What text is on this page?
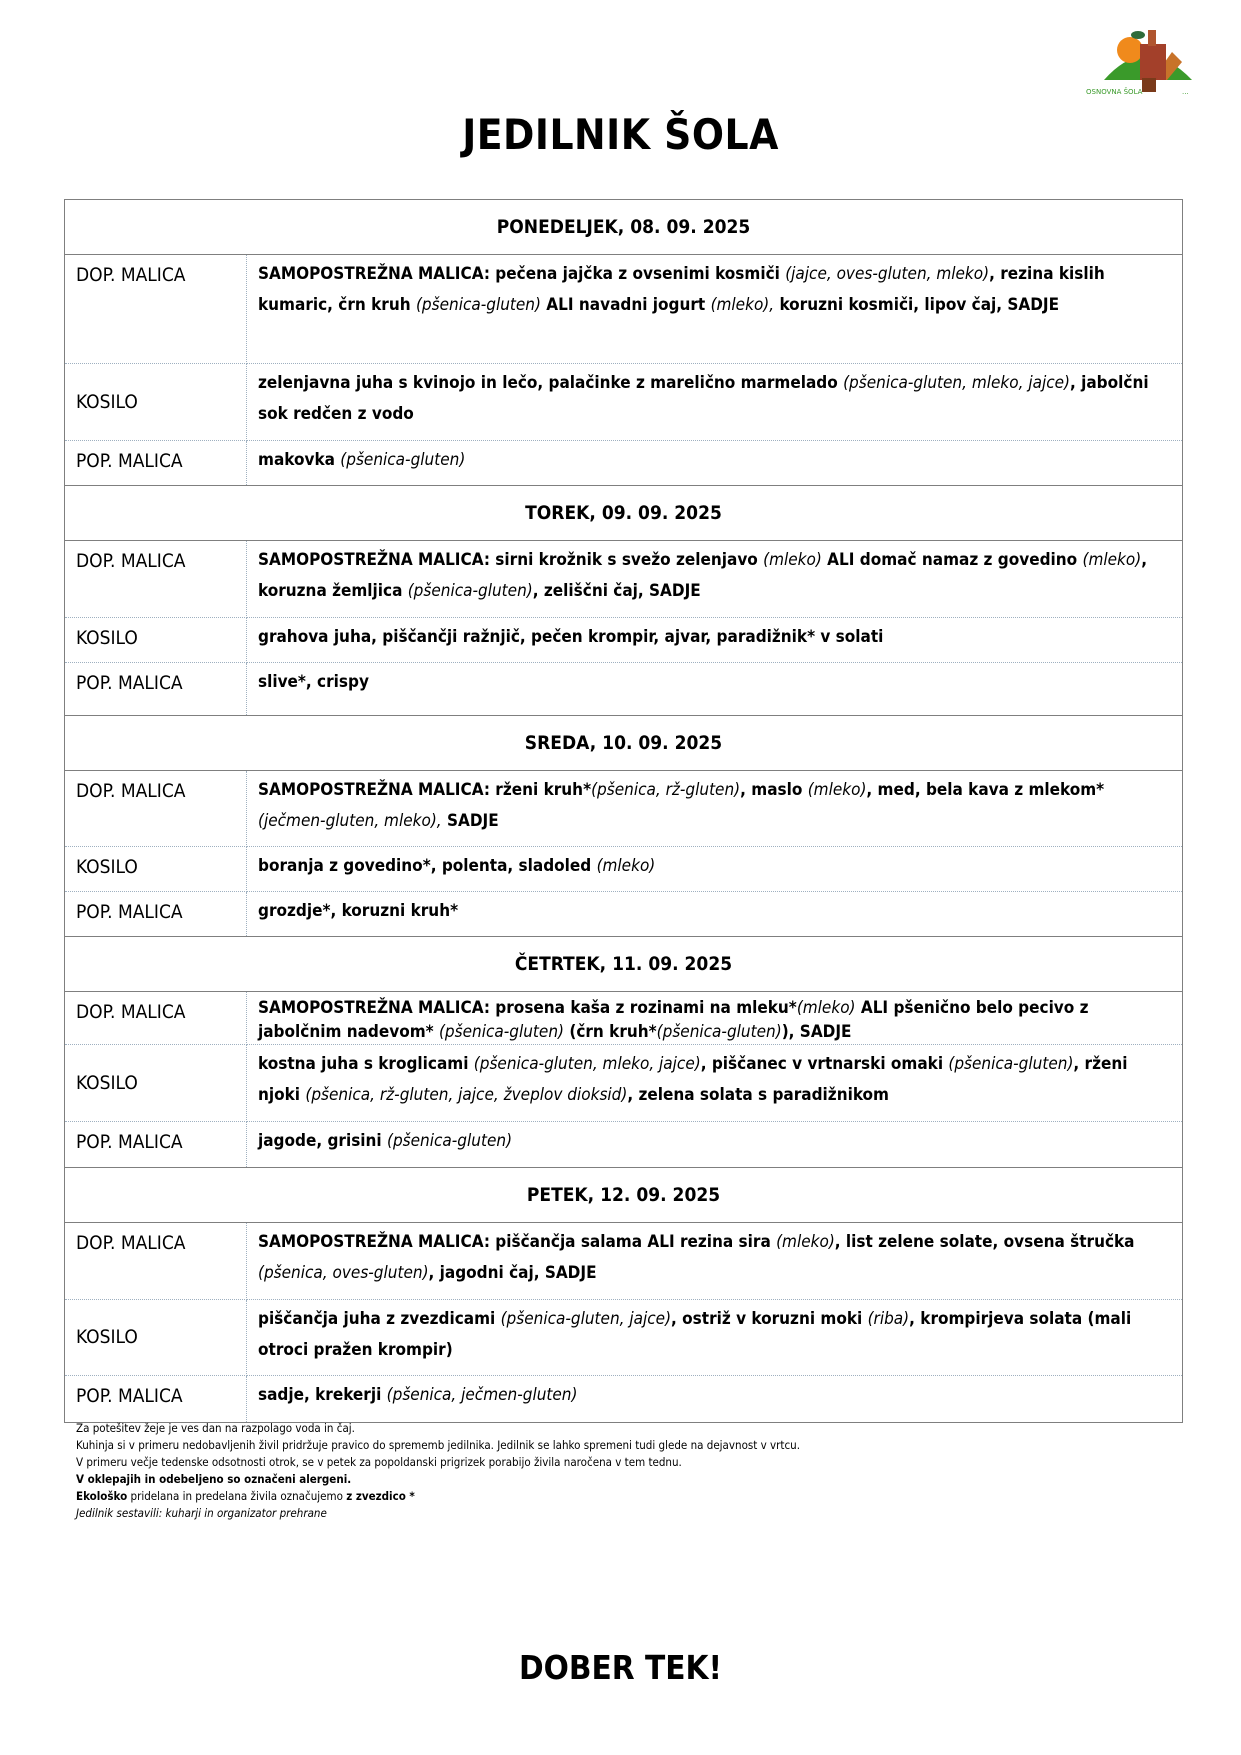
OSNOVNA ŠOLA	...
JEDILNIK ŠOLA
PONEDELJEK, 08. 09. 2025	

DOP. MALICA	SAMOPOSTREŽNA MALICA: pečena jajčka z ovsenimi kosmiči (jajce, oves-gluten, mleko), rezina kislih kumaric, črn kruh (pšenica-gluten) ALI navadni jogurt (mleko), koruzni kosmiči, lipov čaj, SADJE

KOSILO	zelenjavna juha s kvinojo in lečo, palačinke z marelično marmelado (pšenica-gluten, mleko, jajce), jabolčni sok redčen z vodo

POP. MALICA	makovka (pšenica-gluten)
TOREK, 09. 09. 2025	

DOP. MALICA	SAMOPOSTREŽNA MALICA: sirni krožnik s svežo zelenjavo (mleko) ALI domač namaz z govedino (mleko), koruzna žemljica (pšenica-gluten), zeliščni čaj, SADJE

KOSILO	grahova juha, piščančji ražnjič, pečen krompir, ajvar, paradižnik* v solati

POP. MALICA	slive*, crispy
SREDA, 10. 09. 2025	

DOP. MALICA	SAMOPOSTREŽNA MALICA: rženi kruh*(pšenica, rž-gluten), maslo (mleko), med, bela kava z mlekom* (ječmen-gluten, mleko), SADJE

KOSILO	boranja z govedino*, polenta, sladoled (mleko)

POP. MALICA	grozdje*, koruzni kruh*
ČETRTEK, 11. 09. 2025	

DOP. MALICA	SAMOPOSTREŽNA MALICA: prosena kaša z rozinami na mleku*(mleko) ALI pšenično belo pecivo z jabolčnim nadevom* (pšenica-gluten) (črn kruh*(pšenica-gluten)), SADJE

KOSILO	kostna juha s kroglicami (pšenica-gluten, mleko, jajce), piščanec v vrtnarski omaki (pšenica-gluten), rženi njoki (pšenica, rž-gluten, jajce, žveplov dioksid), zelena solata s paradižnikom

POP. MALICA	jagode, grisini (pšenica-gluten)
PETEK, 12. 09. 2025	

DOP. MALICA	SAMOPOSTREŽNA MALICA: piščančja salama ALI rezina sira (mleko), list zelene solate, ovsena štručka (pšenica, oves-gluten), jagodni čaj, SADJE

KOSILO	piščančja juha z zvezdicami (pšenica-gluten, jajce), ostriž v koruzni moki (riba), krompirjeva solata (mali otroci pražen krompir)

POP. MALICA	sadje, krekerji (pšenica, ječmen-gluten)
Za potešitev žeje je ves dan na razpolago voda in čaj.
Kuhinja si v primeru nedobavljenih živil pridržuje pravico do sprememb jedilnika. Jedilnik se lahko spremeni tudi glede na dejavnost v vrtcu.
V primeru večje tedenske odsotnosti otrok, se v petek za popoldanski prigrizek porabijo živila naročena v tem tednu.
V oklepajih in odebeljeno so označeni alergeni.
Ekološko pridelana in predelana živila označujemo z zvezdico *
Jedilnik sestavili: kuharji in organizator prehrane
DOBER TEK!
